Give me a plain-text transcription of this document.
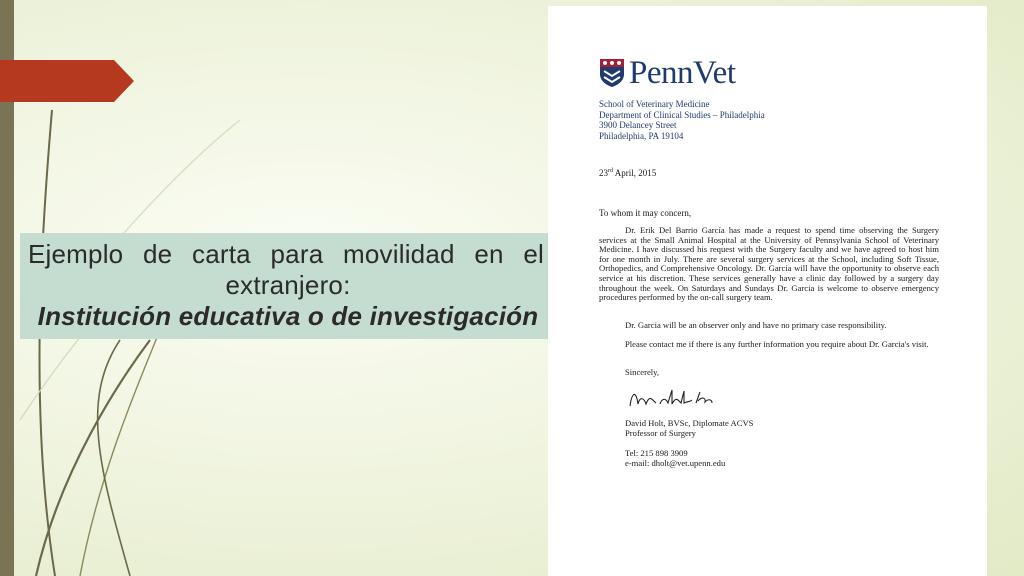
Ejemplo de carta para movilidad en el
extranjero:
Institución educativa o de investigación
PennVet
School of Veterinary Medicine
Department of Clinical Studies – Philadelphia
3900 Delancey Street
Philadelphia, PA 19104
23rd April, 2015
To whom it may concern,
Dr. Erik Del Barrio García has made a request to spend time observing the Surgery services at the Small Animal Hospital at the University of Pennsylvania School of Veterinary Medicine. I have discussed his request with the Surgery faculty and we have agreed to host him for one month in July. There are several surgery services at the School, including Soft Tissue, Orthopedics, and Comprehensive Oncology. Dr. Garcia will have the opportunity to observe each service at his discretion. These services generally have a clinic day followed by a surgery day throughout the week. On Saturdays and Sundays Dr. Garcia is welcome to observe emergency procedures performed by the on-call surgery team.
Dr. Garcia will be an observer only and have no primary case responsibility.
Please contact me if there is any further information you require about Dr. Garcia's visit.
Sincerely,
David Holt, BVSc, Diplomate ACVS
Professor of Surgery
Tel: 215 898 3909
e-mail: dholt@vet.upenn.edu
